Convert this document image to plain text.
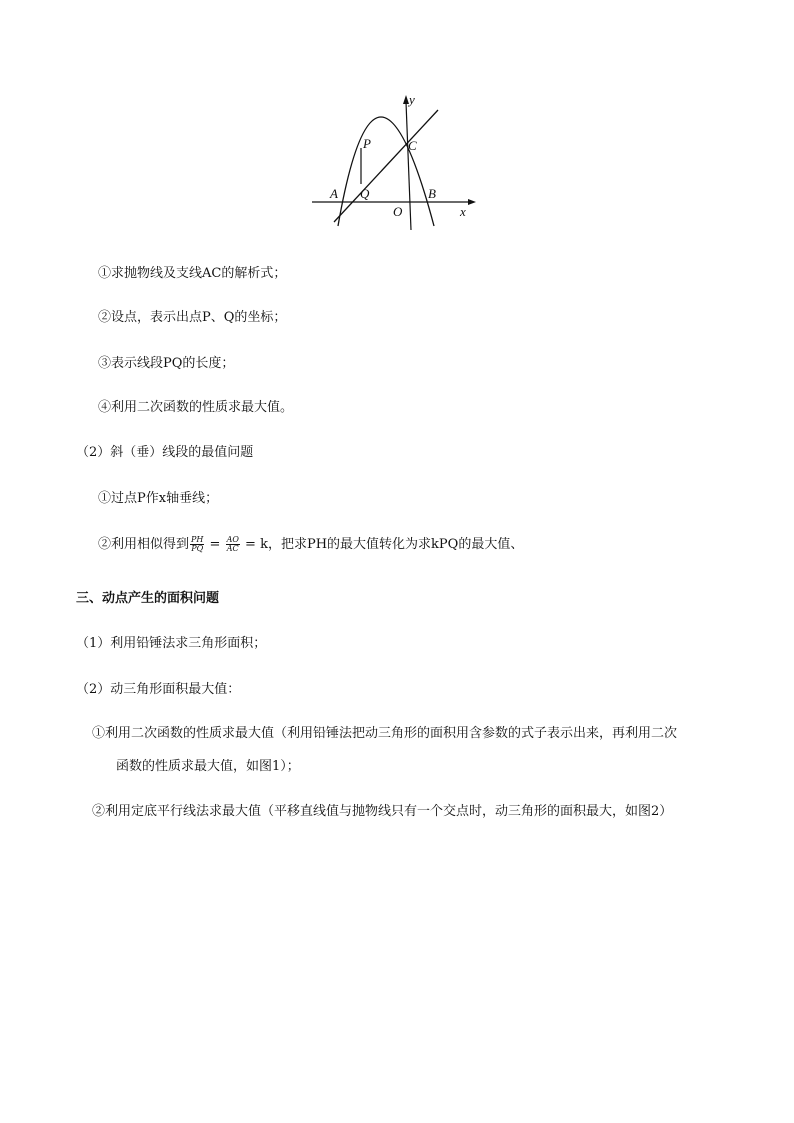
y
P	C
A Q	B
O	x
①求抛物线及支线AC的解析式；
②设点，表示出点P、Q的坐标；
③表示线段PQ的长度；
④利用二次函数的性质求最大值。
（2）斜（垂）线段的最值问题
①过点P作x轴垂线；
②利用相似得到 $\frac{PH}{PQ} = \frac{AO}{AC} = k$，把求PH的最大值转化为求kPQ的最大值、
三、动点产生的面积问题
（1）利用铅锤法求三角形面积；
（2）动三角形面积最大值：
①利用二次函数的性质求最大值（利用铅锤法把动三角形的面积用含参数的式子表示出来，再利用二次
函数的性质求最大值，如图1）；
②利用定底平行线法求最大值（平移直线值与抛物线只有一个交点时，动三角形的面积最大，如图2）
